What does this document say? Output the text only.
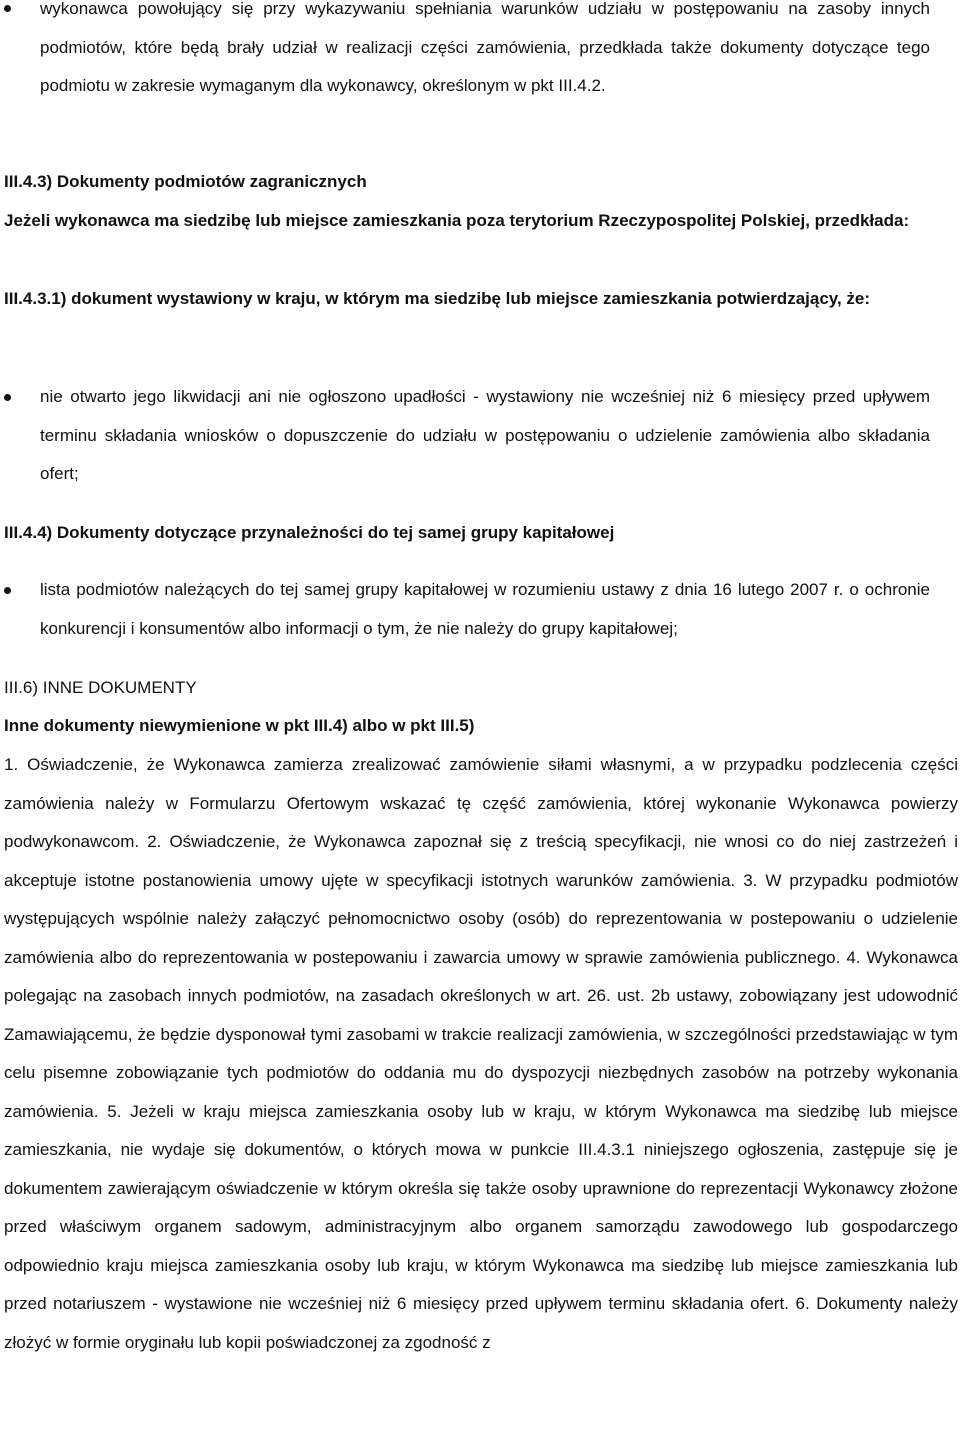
wykonawca powołujący się przy wykazywaniu spełniania warunków udziału w postępowaniu na zasoby innych podmiotów, które będą brały udział w realizacji części zamówienia, przedkłada także dokumenty dotyczące tego podmiotu w zakresie wymaganym dla wykonawcy, określonym w pkt III.4.2.
III.4.3) Dokumenty podmiotów zagranicznych
Jeżeli wykonawca ma siedzibę lub miejsce zamieszkania poza terytorium Rzeczypospolitej Polskiej, przedkłada:
III.4.3.1) dokument wystawiony w kraju, w którym ma siedzibę lub miejsce zamieszkania potwierdzający, że:
nie otwarto jego likwidacji ani nie ogłoszono upadłości - wystawiony nie wcześniej niż 6 miesięcy przed upływem terminu składania wniosków o dopuszczenie do udziału w postępowaniu o udzielenie zamówienia albo składania ofert;
III.4.4) Dokumenty dotyczące przynależności do tej samej grupy kapitałowej
lista podmiotów należących do tej samej grupy kapitałowej w rozumieniu ustawy z dnia 16 lutego 2007 r. o ochronie konkurencji i konsumentów albo informacji o tym, że nie należy do grupy kapitałowej;
III.6) INNE DOKUMENTY
Inne dokumenty niewymienione w pkt III.4) albo w pkt III.5)
1. Oświadczenie, że Wykonawca zamierza zrealizować zamówienie siłami własnymi, a w przypadku podzlecenia części zamówienia należy w Formularzu Ofertowym wskazać tę część zamówienia, której wykonanie Wykonawca powierzy podwykonawcom. 2. Oświadczenie, że Wykonawca zapoznał się z treścią specyfikacji, nie wnosi co do niej zastrzeżeń i akceptuje istotne postanowienia umowy ujęte w specyfikacji istotnych warunków zamówienia. 3. W przypadku podmiotów występujących wspólnie należy załączyć pełnomocnictwo osoby (osób) do reprezentowania w postepowaniu o udzielenie zamówienia albo do reprezentowania w postepowaniu i zawarcia umowy w sprawie zamówienia publicznego. 4. Wykonawca polegając na zasobach innych podmiotów, na zasadach określonych w art. 26. ust. 2b ustawy, zobowiązany jest udowodnić Zamawiającemu, że będzie dysponował tymi zasobami w trakcie realizacji zamówienia, w szczególności przedstawiając w tym celu pisemne zobowiązanie tych podmiotów do oddania mu do dyspozycji niezbędnych zasobów na potrzeby wykonania zamówienia. 5. Jeżeli w kraju miejsca zamieszkania osoby lub w kraju, w którym Wykonawca ma siedzibę lub miejsce zamieszkania, nie wydaje się dokumentów, o których mowa w punkcie III.4.3.1 niniejszego ogłoszenia, zastępuje się je dokumentem zawierającym oświadczenie w którym określa się także osoby uprawnione do reprezentacji Wykonawcy złożone przed właściwym organem sadowym, administracyjnym albo organem samorządu zawodowego lub gospodarczego odpowiednio kraju miejsca zamieszkania osoby lub kraju, w którym Wykonawca ma siedzibę lub miejsce zamieszkania lub przed notariuszem - wystawione nie wcześniej niż 6 miesięcy przed upływem terminu składania ofert. 6. Dokumenty należy złożyć w formie oryginału lub kopii poświadczonej za zgodność z
